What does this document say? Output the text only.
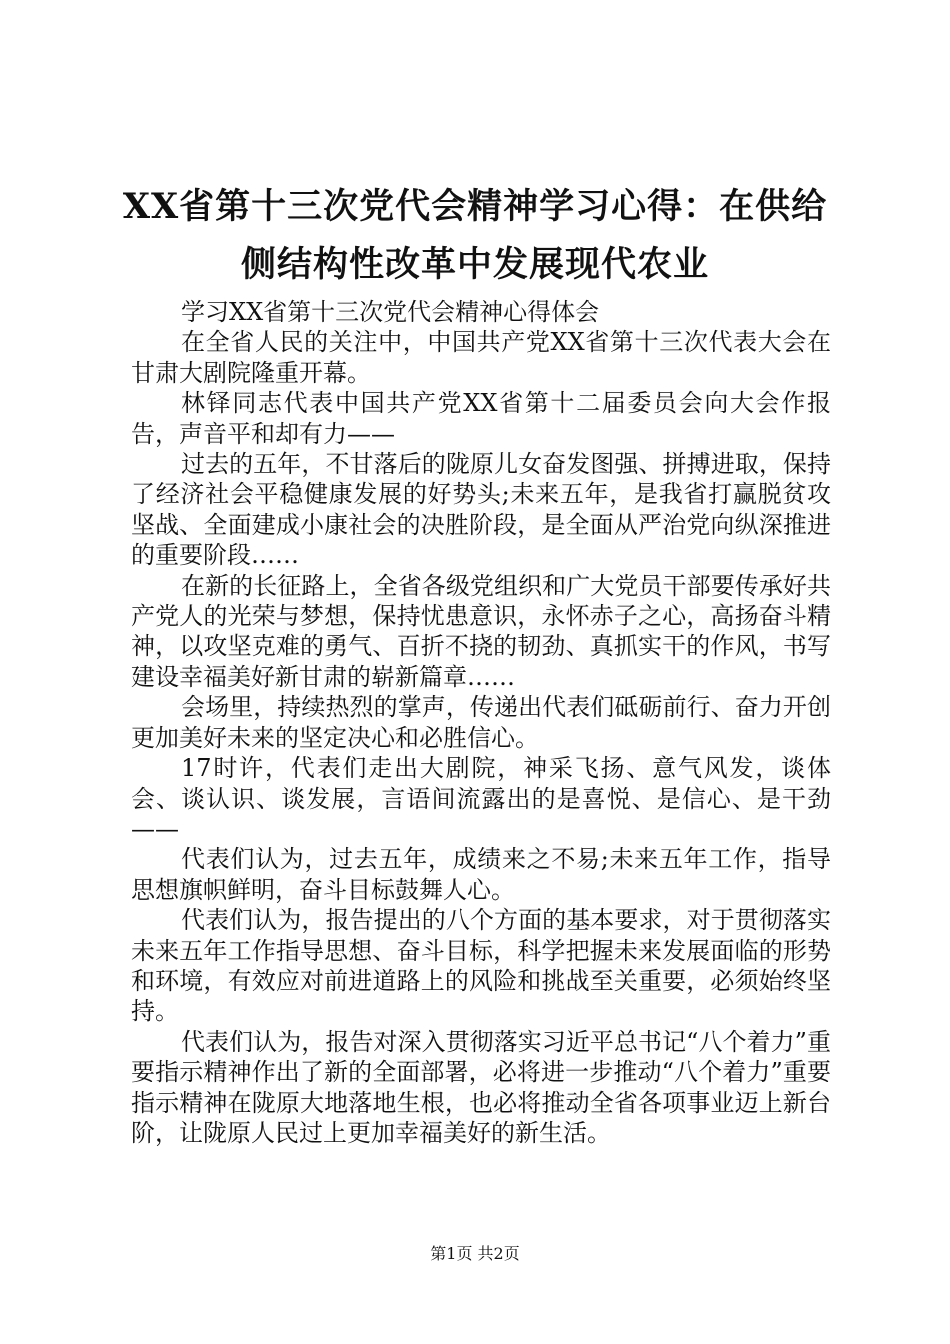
XX省第十三次党代会精神学习心得：在供给
侧结构性改革中发展现代农业

学习XX省第十三次党代会精神心得体会

在全省人民的关注中，中国共产党XX省第十三次代表大会在甘肃大剧院隆重开幕。

林铎同志代表中国共产党XX省第十二届委员会向大会作报告，声音平和却有力——

过去的五年，不甘落后的陇原儿女奋发图强、拼搏进取，保持了经济社会平稳健康发展的好势头;未来五年，是我省打赢脱贫攻坚战、全面建成小康社会的决胜阶段，是全面从严治党向纵深推进的重要阶段……

在新的长征路上，全省各级党组织和广大党员干部要传承好共产党人的光荣与梦想，保持忧患意识，永怀赤子之心，高扬奋斗精神，以攻坚克难的勇气、百折不挠的韧劲、真抓实干的作风，书写建设幸福美好新甘肃的崭新篇章……

会场里，持续热烈的掌声，传递出代表们砥砺前行、奋力开创更加美好未来的坚定决心和必胜信心。

17时许，代表们走出大剧院，神采飞扬、意气风发，谈体会、谈认识、谈发展，言语间流露出的是喜悦、是信心、是干劲——

代表们认为，过去五年，成绩来之不易;未来五年工作，指导思想旗帜鲜明，奋斗目标鼓舞人心。

代表们认为，报告提出的八个方面的基本要求，对于贯彻落实未来五年工作指导思想、奋斗目标，科学把握未来发展面临的形势和环境，有效应对前进道路上的风险和挑战至关重要，必须始终坚持。

代表们认为，报告对深入贯彻落实习近平总书记“八个着力”重要指示精神作出了新的全面部署，必将进一步推动“八个着力”重要指示精神在陇原大地落地生根，也必将推动全省各项事业迈上新台阶，让陇原人民过上更加幸福美好的新生活。

第1页 共2页
